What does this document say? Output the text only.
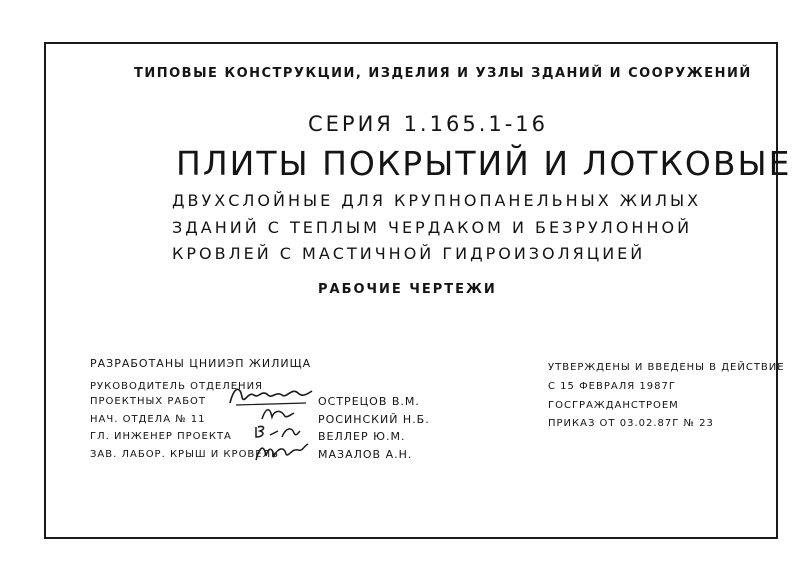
ТИПОВЫЕ КОНСТРУКЦИИ, ИЗДЕЛИЯ И УЗЛЫ ЗДАНИЙ И СООРУЖЕНИЙ
СЕРИЯ 1.165.1-16
ПЛИТЫ ПОКРЫТИЙ И ЛОТКОВЫЕ
ДВУХСЛОЙНЫЕ ДЛЯ КРУПНОПАНЕЛЬНЫХ ЖИЛЫХ
ЗДАНИЙ С ТЕПЛЫМ ЧЕРДАКОМ И БЕЗРУЛОННОЙ
КРОВЛЕЙ С МАСТИЧНОЙ ГИДРОИЗОЛЯЦИЕЙ
РАБОЧИЕ ЧЕРТЕЖИ
РАЗРАБОТАНЫ ЦНИИЭП ЖИЛИЩА
РУКОВОДИТЕЛЬ ОТДЕЛЕНИЯ
ПРОЕКТНЫХ РАБОТ
НАЧ. ОТДЕЛА № 11
ГЛ. ИНЖЕНЕР ПРОЕКТА
ЗАВ. ЛАБОР. КРЫШ И КРОВЕЛЬ
ОСТРЕЦОВ В.М.
РОСИНСКИЙ Н.Б.
ВЕЛЛЕР Ю.М.
МАЗАЛОВ А.Н.
УТВЕРЖДЕНЫ И ВВЕДЕНЫ В ДЕЙСТВИЕ
С 15 ФЕВРАЛЯ 1987Г
ГОСГРАЖДАНСТРОЕМ
ПРИКАЗ ОТ 03.02.87Г № 23
